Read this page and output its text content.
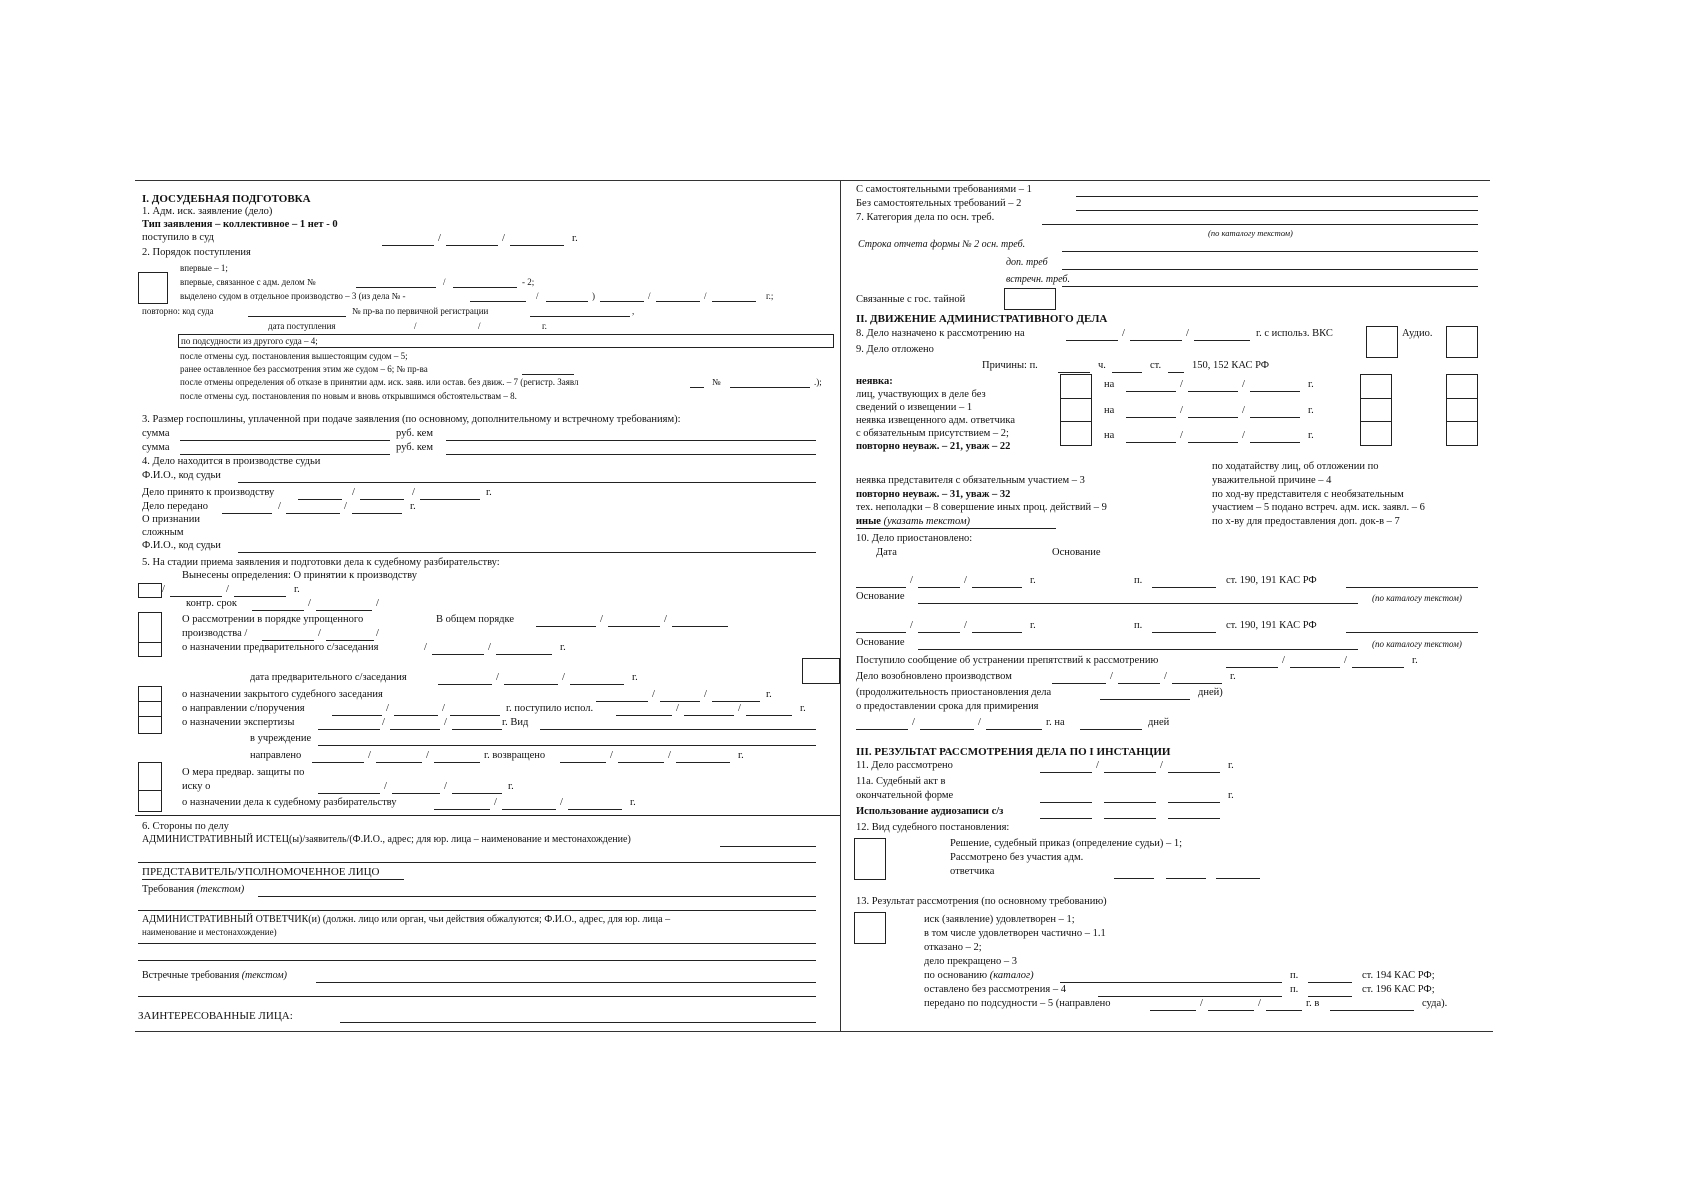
I. ДОСУДЕБНАЯ ПОДГОТОВКА
1. Адм. иск. заявление (дело)
Тип заявления – коллективное – 1 нет - 0
поступило в суд	/	/	г.
2. Порядок поступления
впервые – 1;
впервые, связанное с адм. делом №	/	- 2;
выделено судом в отдельное производство – 3 (из дела № -	/	)	/	/	г.;
повторно: код суда	№ пр-ва по первичной регистрации	,
дата поступления	/	/	г.
по подсудности из другого суда – 4;
после отмены суд. постановления вышестоящим судом – 5;
ранее оставленное без рассмотрения этим же судом – 6; № пр-ва
после отмены определения об отказе в принятии адм. иск. заяв. или остав. без движ. – 7 (регистр. Заявл	№	.);
после отмены суд. постановления по новым и вновь открывшимся обстоятельствам – 8.
3. Размер госпошлины, уплаченной при подаче заявления (по основному, дополнительному и встречному требованиям):
сумма	руб. кем
сумма	руб. кем
4. Дело находится в производстве судьи
Ф.И.О., код судьи
Дело принято к производству	/	/	г.
Дело передано	/	/	г.
О признании
сложным
Ф.И.О., код судьи
5. На стадии приема заявления и подготовки дела к судебному разбирательству:
Вынесены определения: О принятии к производству
/	/	г.
контр. срок	/	/
О рассмотрении в порядке упрощенного
производства /	/	/
В общем порядке	/	/
о назначении предварительного с/заседания	/	/	г.
дата предварительного с/заседания	/	/	г.
о назначении закрытого судебного заседания	/	/	г.
о направлении с/поручения	/	/	г. поступило испол.	/	/	г.
о назначении экспертизы	/	/	г. Вид
в учреждение
направлено	/	/	г. возвращено	/	/	г.
О мера предвар. защиты по
иску о	/	/	г.
о назначении дела к судебному разбирательству	/	/	г.
6. Стороны по делу
АДМИНИСТРАТИВНЫЙ ИСТЕЦ(ы)/заявитель/(Ф.И.О., адрес; для юр. лица – наименование и местонахождение)
ПРЕДСТАВИТЕЛЬ/УПОЛНОМОЧЕННОЕ ЛИЦО
Требования (текстом)
АДМИНИСТРАТИВНЫЙ ОТВЕТЧИК(и) (должн. лицо или орган, чьи действия обжалуются; Ф.И.О., адрес, для юр. лица –
наименование и местонахождение)
Встречные требования (текстом)
ЗАИНТЕРЕСОВАННЫЕ ЛИЦА:
С самостоятельными требованиями – 1
Без самостоятельных требований – 2
7. Категория дела по осн. треб.
(по каталогу текстом)
Строка отчета формы № 2 осн. треб.
доп. треб
встречн. треб.
Связанные с гос. тайной
II. ДВИЖЕНИЕ АДМИНИСТРАТИВНОГО ДЕЛА
8. Дело назначено к рассмотрению на	/	/	г. с использ. ВКС	Аудио.
9. Дело отложено
Причины: п.	ч.	ст.	150, 152 КАС РФ
неявка:
лиц, участвующих в деле без
сведений о извещении – 1
неявка извещенного адм. ответчика
с обязательным присутствием – 2;
повторно неуваж. – 21, уваж – 22
на	/	/	г.
на	/	/	г.
на	/	/	г.
по ходатайству лиц, об отложении по
неявка представителя с обязательным участием – 3	уважительной причине – 4
повторно неуваж. – 31, уваж – 32	по ход-ву представителя с необязательным
тех. неполадки – 8 совершение иных проц. действий – 9	участием – 5 подано встреч. адм. иск. заявл. – 6
иные (указать текстом)	по х-ву для предоставления доп. док-в – 7
10. Дело приостановлено:
Дата	Основание
/	/	г.	п.	ст. 190, 191 КАС РФ
Основание	(по каталогу текстом)
/	/	г.	п.	ст. 190, 191 КАС РФ
Основание	(по каталогу текстом)
Поступило сообщение об устранении препятствий к рассмотрению	/	/	г.
Дело возобновлено производством	/	/	г.
(продолжительность приостановления дела	дней)
о предоставлении срока для примирения
/	/	г. на	дней
III. РЕЗУЛЬТАТ РАССМОТРЕНИЯ ДЕЛА ПО I ИНСТАНЦИИ
11. Дело рассмотрено	/	/	г.
11а. Судебный акт в
окончательной форме	г.
Использование аудиозаписи с/з
12. Вид судебного постановления:
Решение, судебный приказ (определение судьи) – 1;
Рассмотрено без участия адм.
ответчика
13. Результат рассмотрения (по основному требованию)
иск (заявление) удовлетворен – 1;
в том числе удовлетворен частично – 1.1
отказано – 2;
дело прекращено – 3
по основанию (каталог)	п.	ст. 194 КАС РФ;
оставлено без рассмотрения – 4	п.	ст. 196 КАС РФ;
передано по подсудности – 5 (направлено	/	/	г. в	суда).
